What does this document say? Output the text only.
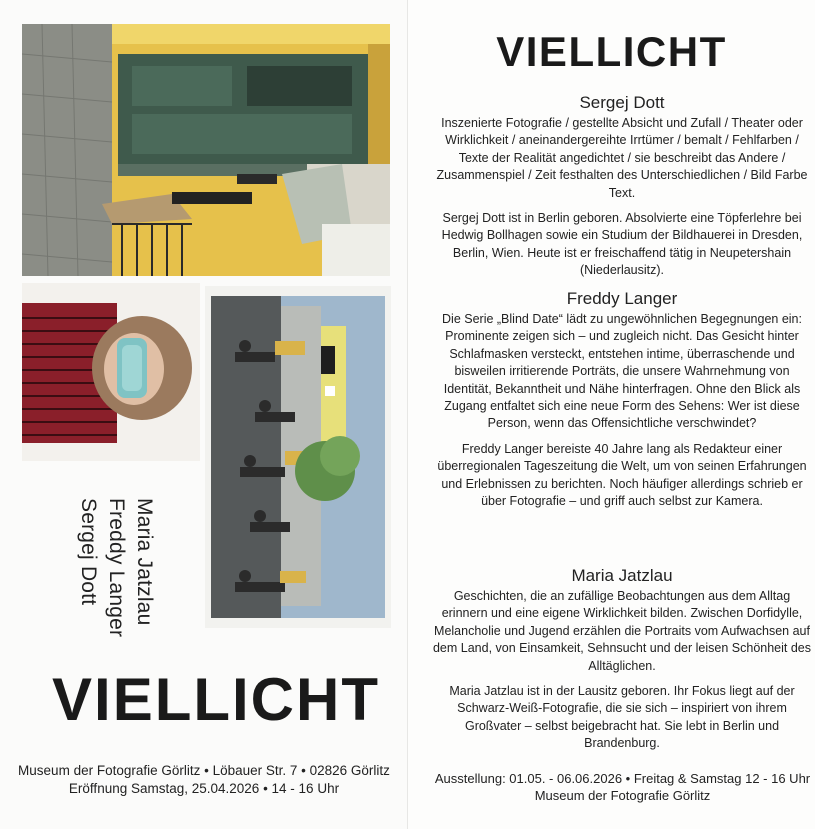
Sergej Dott Freddy Langer Maria Jatzlau
VIELLICHT
Museum der Fotografie Görlitz • Löbauer Str. 7 • 02826 Görlitz
Eröffnung Samstag, 25.04.2026 • 14 - 16 Uhr
VIELLICHT
Sergej Dott

Inszenierte Fotografie / gestellte Absicht und Zufall / Theater oder Wirklichkeit / aneinandergereihte Irrtümer / bemalt / Fehlfarben / Texte der Realität angedichtet / sie beschreibt das Andere / Zusammenspiel / Zeit festhalten des Unterschiedlichen / Bild Farbe Text.

Sergej Dott ist in Berlin geboren. Absolvierte eine Töpferlehre bei Hedwig Bollhagen sowie ein Studium der Bildhauerei in Dresden, Berlin, Wien. Heute ist er freischaffend tätig in Neupetershain (Niederlausitz).

Freddy Langer

Die Serie „Blind Date“ lädt zu ungewöhnlichen Begegnungen ein: Prominente zeigen sich – und zugleich nicht. Das Gesicht hinter Schlafmasken versteckt, entstehen intime, überraschende und bisweilen irritierende Porträts, die unsere Wahrnehmung von Identität, Bekanntheit und Nähe hinterfragen. Ohne den Blick als Zugang entfaltet sich eine neue Form des Sehens: Wer ist diese Person, wenn das Offensichtliche verschwindet?

Freddy Langer bereiste 40 Jahre lang als Redakteur einer überregionalen Tageszeitung die Welt, um von seinen Erfahrungen und Erlebnissen zu berichten. Noch häufiger allerdings schrieb er über Fotografie – und griff auch selbst zur Kamera.

Maria Jatzlau

Geschichten, die an zufällige Beobachtungen aus dem Alltag erinnern und eine eigene Wirklichkeit bilden. Zwischen Dorfidylle, Melancholie und Jugend erzählen die Portraits vom Aufwachsen auf dem Land, von Einsamkeit, Sehnsucht und der leisen Schönheit des Alltäglichen.

Maria Jatzlau ist in der Lausitz geboren. Ihr Fokus liegt auf der Schwarz-Weiß-Fotografie, die sie sich – inspiriert von ihrem Großvater – selbst beigebracht hat. Sie lebt in Berlin und Brandenburg.

Ausstellung: 01.05. - 06.06.2026 • Freitag & Samstag 12 - 16 Uhr
Museum der Fotografie Görlitz
